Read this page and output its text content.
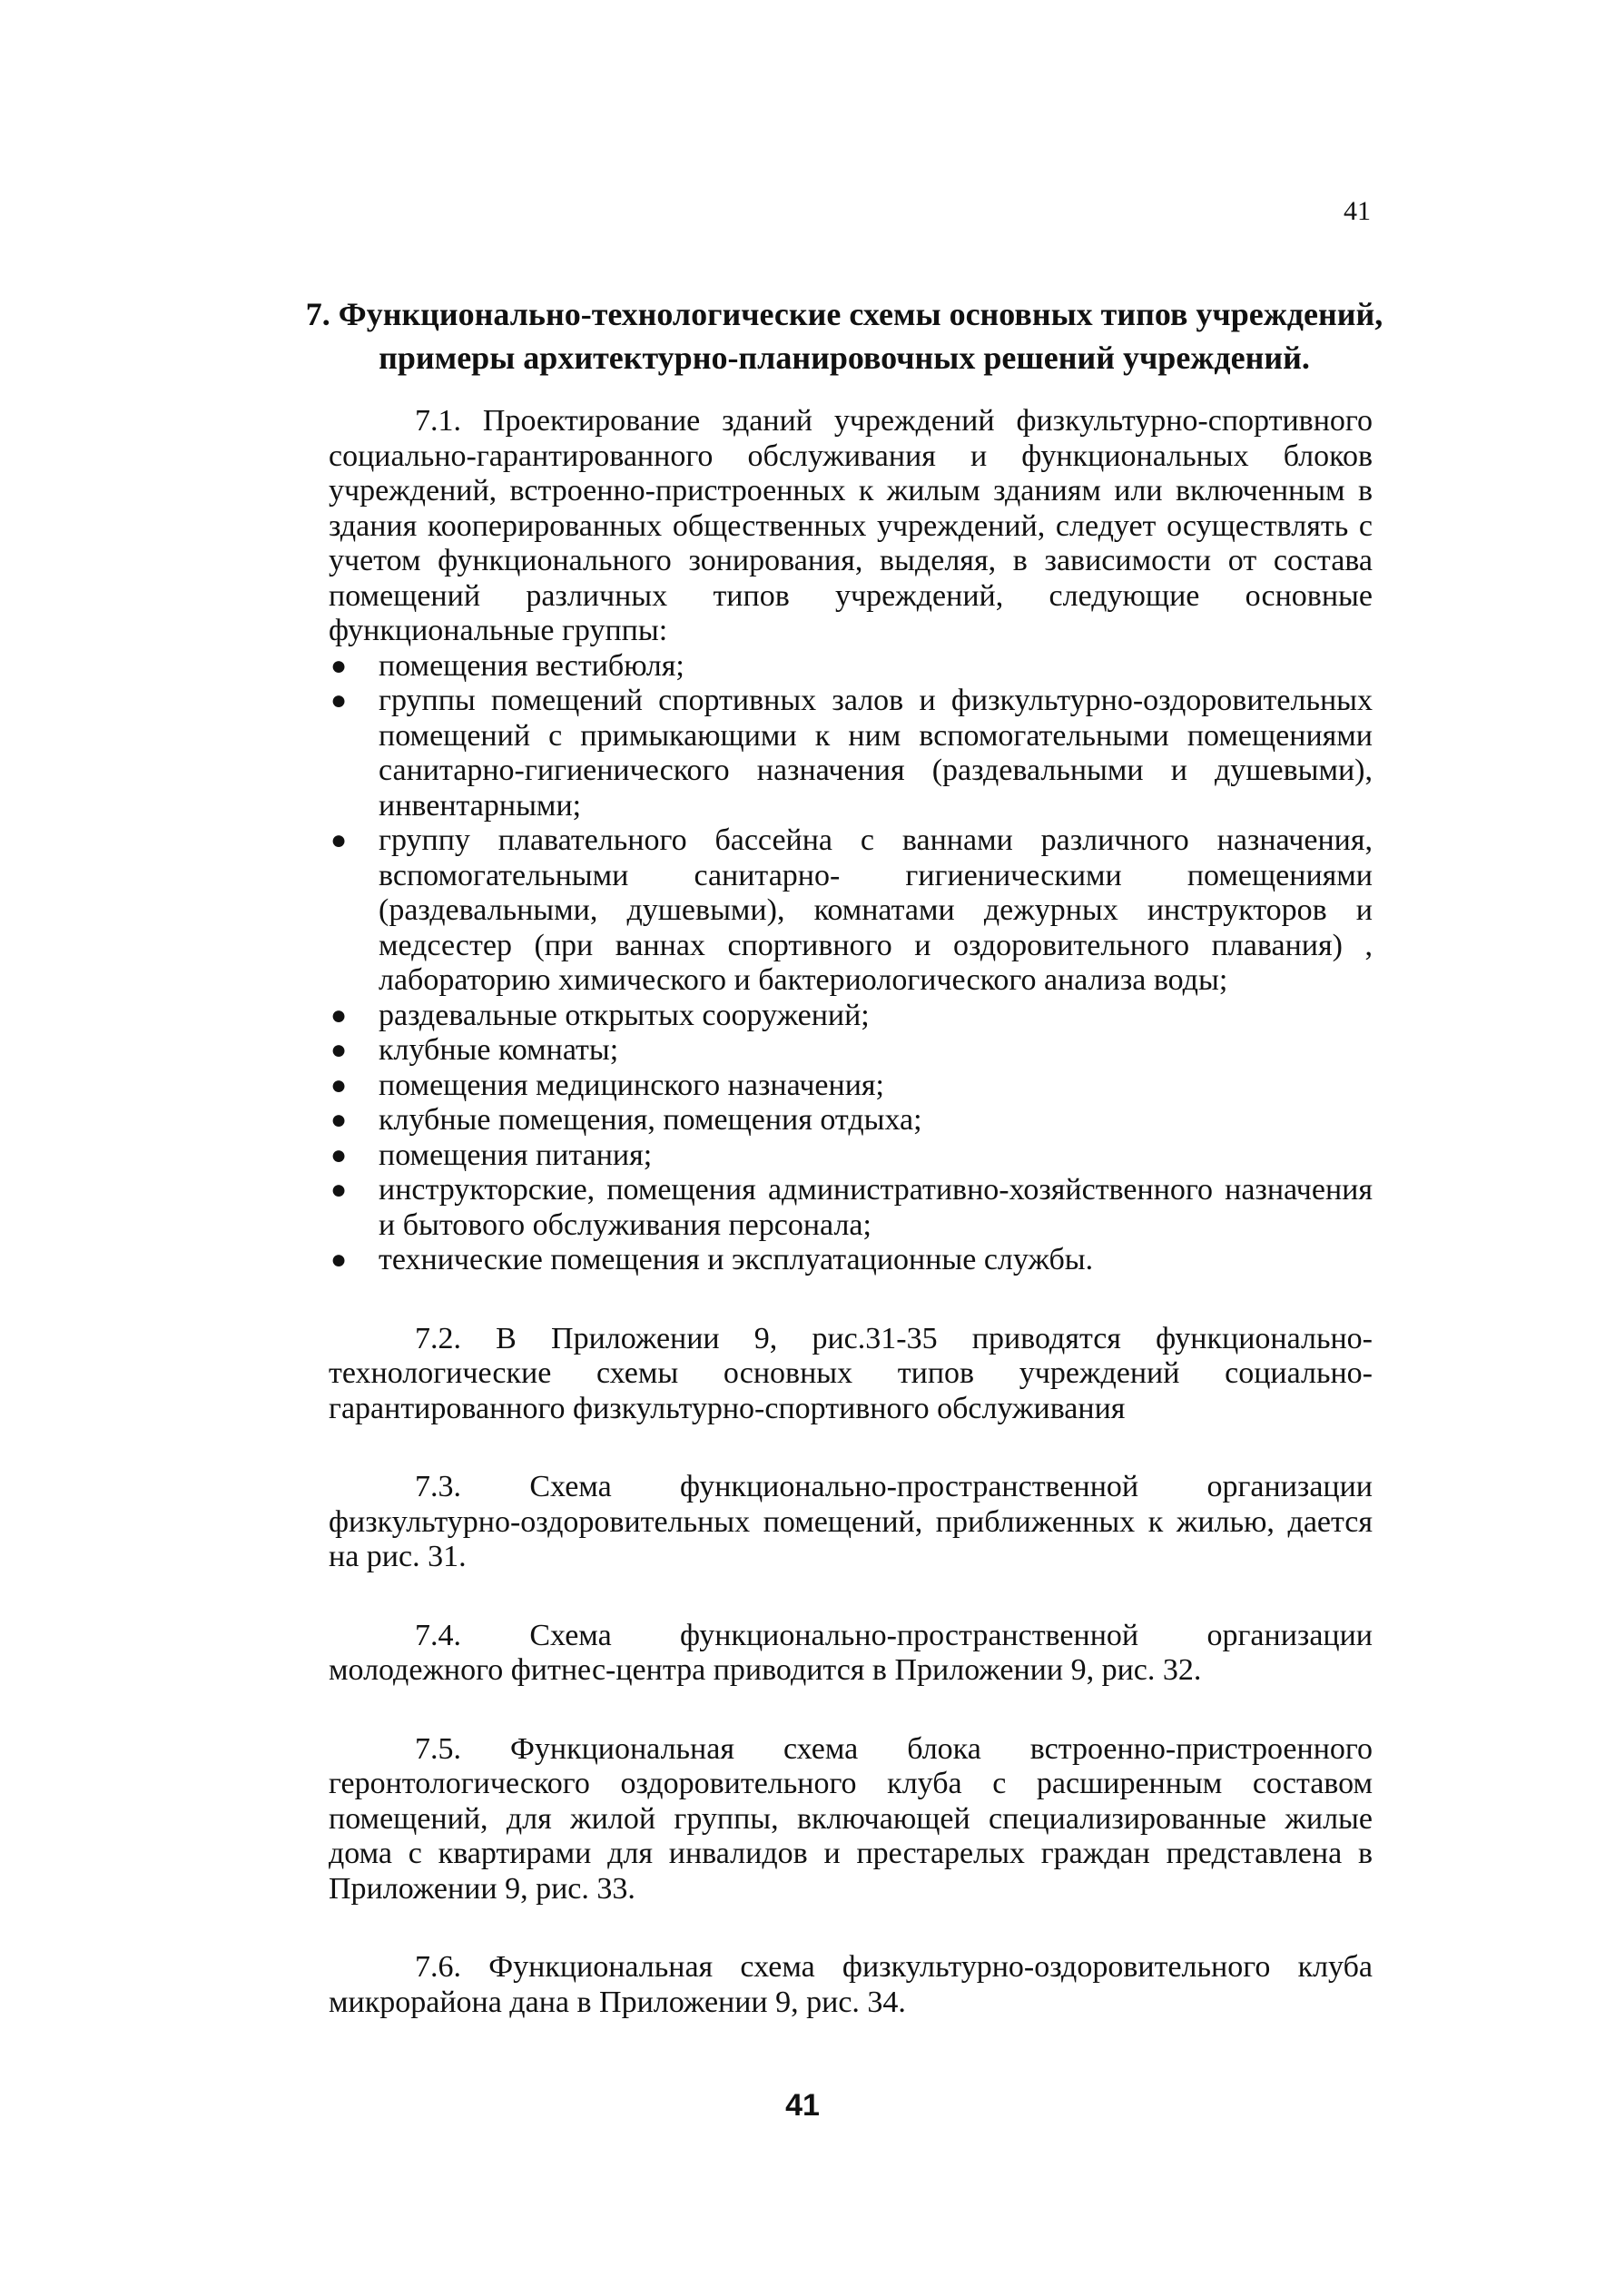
41
7. Функционально-технологические схемы основных типов учреждений,
примеры архитектурно-планировочных решений учреждений.

7.1. Проектирование зданий учреждений физкультурно-спортивного социально-гарантированного обслуживания и функциональных блоков учреждений, встроенно-пристроенных к жилым зданиям или включенным в здания кооперированных общественных учреждений, следует осуществлять с учетом функционального зонирования, выделяя, в зависимости от состава помещений различных типов учреждений, следующие основные функциональные группы:

● помещения вестибюля;
● группы помещений спортивных залов и физкультурно-оздоровительных помещений с примыкающими к ним вспомогательными помещениями санитарно-гигиенического назначения (раздевальными и душевыми), инвентарными;
● группу плавательного бассейна с ваннами различного назначения, вспомогательными санитарно- гигиеническими помещениями (раздевальными, душевыми), комнатами дежурных инструкторов и медсестер (при ваннах спортивного и оздоровительного плавания) , лабораторию химического и бактериологического анализа воды;
● раздевальные открытых сооружений;
● клубные комнаты;
● помещения медицинского назначения;
● клубные помещения, помещения отдыха;
● помещения питания;
● инструкторские, помещения административно-хозяйственного назначения и бытового обслуживания персонала;
● технические помещения и эксплуатационные службы.

7.2. В Приложении 9, рис.31-35 приводятся функционально-технологические схемы основных типов учреждений социально-гарантированного физкультурно-спортивного обслуживания

7.3. Схема функционально-пространственной организации физкультурно-оздоровительных помещений, приближенных к жилью, дается на рис. 31.

7.4. Схема функционально-пространственной организации молодежного фитнес-центра приводится в Приложении 9, рис. 32.

7.5. Функциональная схема блока встроенно-пристроенного геронтологического оздоровительного клуба с расширенным составом помещений, для жилой группы, включающей специализированные жилые дома с квартирами для инвалидов и престарелых граждан представлена в Приложении 9, рис. 33.

7.6. Функциональная схема физкультурно-оздоровительного клуба микрорайона дана в Приложении 9, рис. 34.

41
